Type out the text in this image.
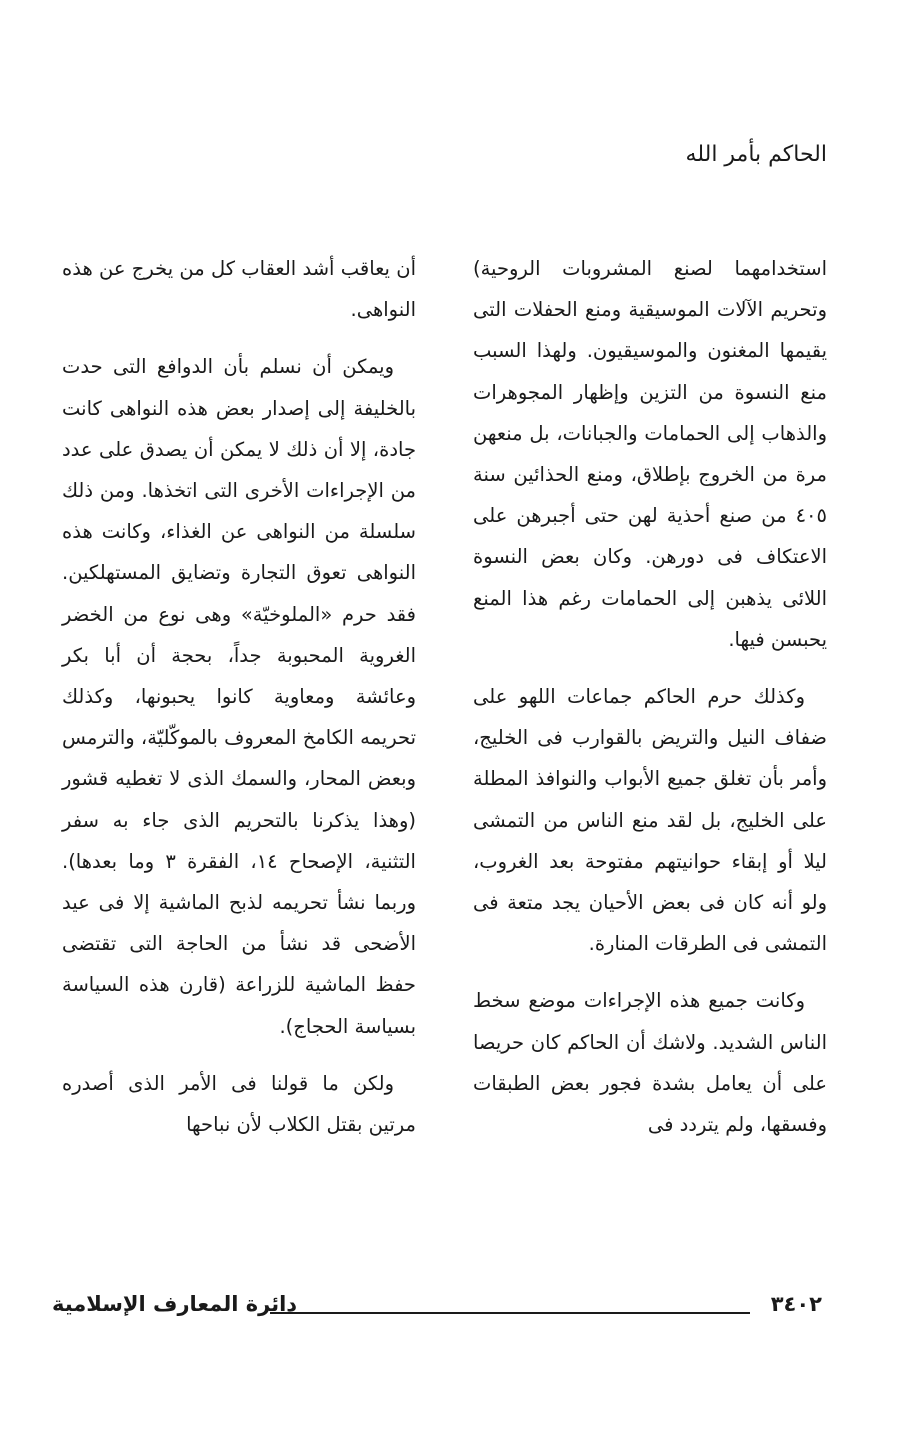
الحاكم بأمر الله

استخدامهما لصنع المشروبات الروحية) وتحريم الآلات الموسيقية ومنع الحفلات التى يقيمها المغنون والموسيقيون. ولهذا السبب منع النسوة من التزين وإظهار المجوهرات والذهاب إلى الحمامات والجبانات، بل منعهن مرة من الخروج بإطلاق، ومنع الحذائين سنة ٤٠٥ من صنع أحذية لهن حتى أجبرهن على الاعتكاف فى دورهن. وكان بعض النسوة اللائى يذهبن إلى الحمامات رغم هذا المنع يحبسن فيها.

وكذلك حرم الحاكم جماعات اللهو على ضفاف النيل والتريض بالقوارب فى الخليج، وأمر بأن تغلق جميع الأبواب والنوافذ المطلة على الخليج، بل لقد منع الناس من التمشى ليلا أو إبقاء حوانيتهم مفتوحة بعد الغروب، ولو أنه كان فى بعض الأحيان يجد متعة فى التمشى فى الطرقات المنارة.

وكانت جميع هذه الإجراءات موضع سخط الناس الشديد. ولاشك أن الحاكم كان حريصا على أن يعامل بشدة فجور بعض الطبقات وفسقها، ولم يتردد فى

أن يعاقب أشد العقاب كل من يخرج عن هذه النواهى.

ويمكن أن نسلم بأن الدوافع التى حدت بالخليفة إلى إصدار بعض هذه النواهى كانت جادة، إلا أن ذلك لا يمكن أن يصدق على عدد من الإجراءات الأخرى التى اتخذها. ومن ذلك سلسلة من النواهى عن الغذاء، وكانت هذه النواهى تعوق التجارة وتضايق المستهلكين. فقد حرم «الملوخيّة» وهى نوع من الخضر الغروية المحبوبة جداً، بحجة أن أبا بكر وعائشة ومعاوية كانوا يحبونها، وكذلك تحريمه الكامخ المعروف بالموكّليّة، والترمس وبعض المحار، والسمك الذى لا تغطيه قشور (وهذا يذكرنا بالتحريم الذى جاء به سفر التثنية، الإصحاح ١٤، الفقرة ٣ وما بعدها). وربما نشأ تحريمه لذبح الماشية إلا فى عيد الأضحى قد نشأ من الحاجة التى تقتضى حفظ الماشية للزراعة (قارن هذه السياسة بسياسة الحجاج).

ولكن ما قولنا فى الأمر الذى أصدره مرتين بقتل الكلاب لأن نباحها

دائرة المعارف الإسلامية	٣٤٠٢
